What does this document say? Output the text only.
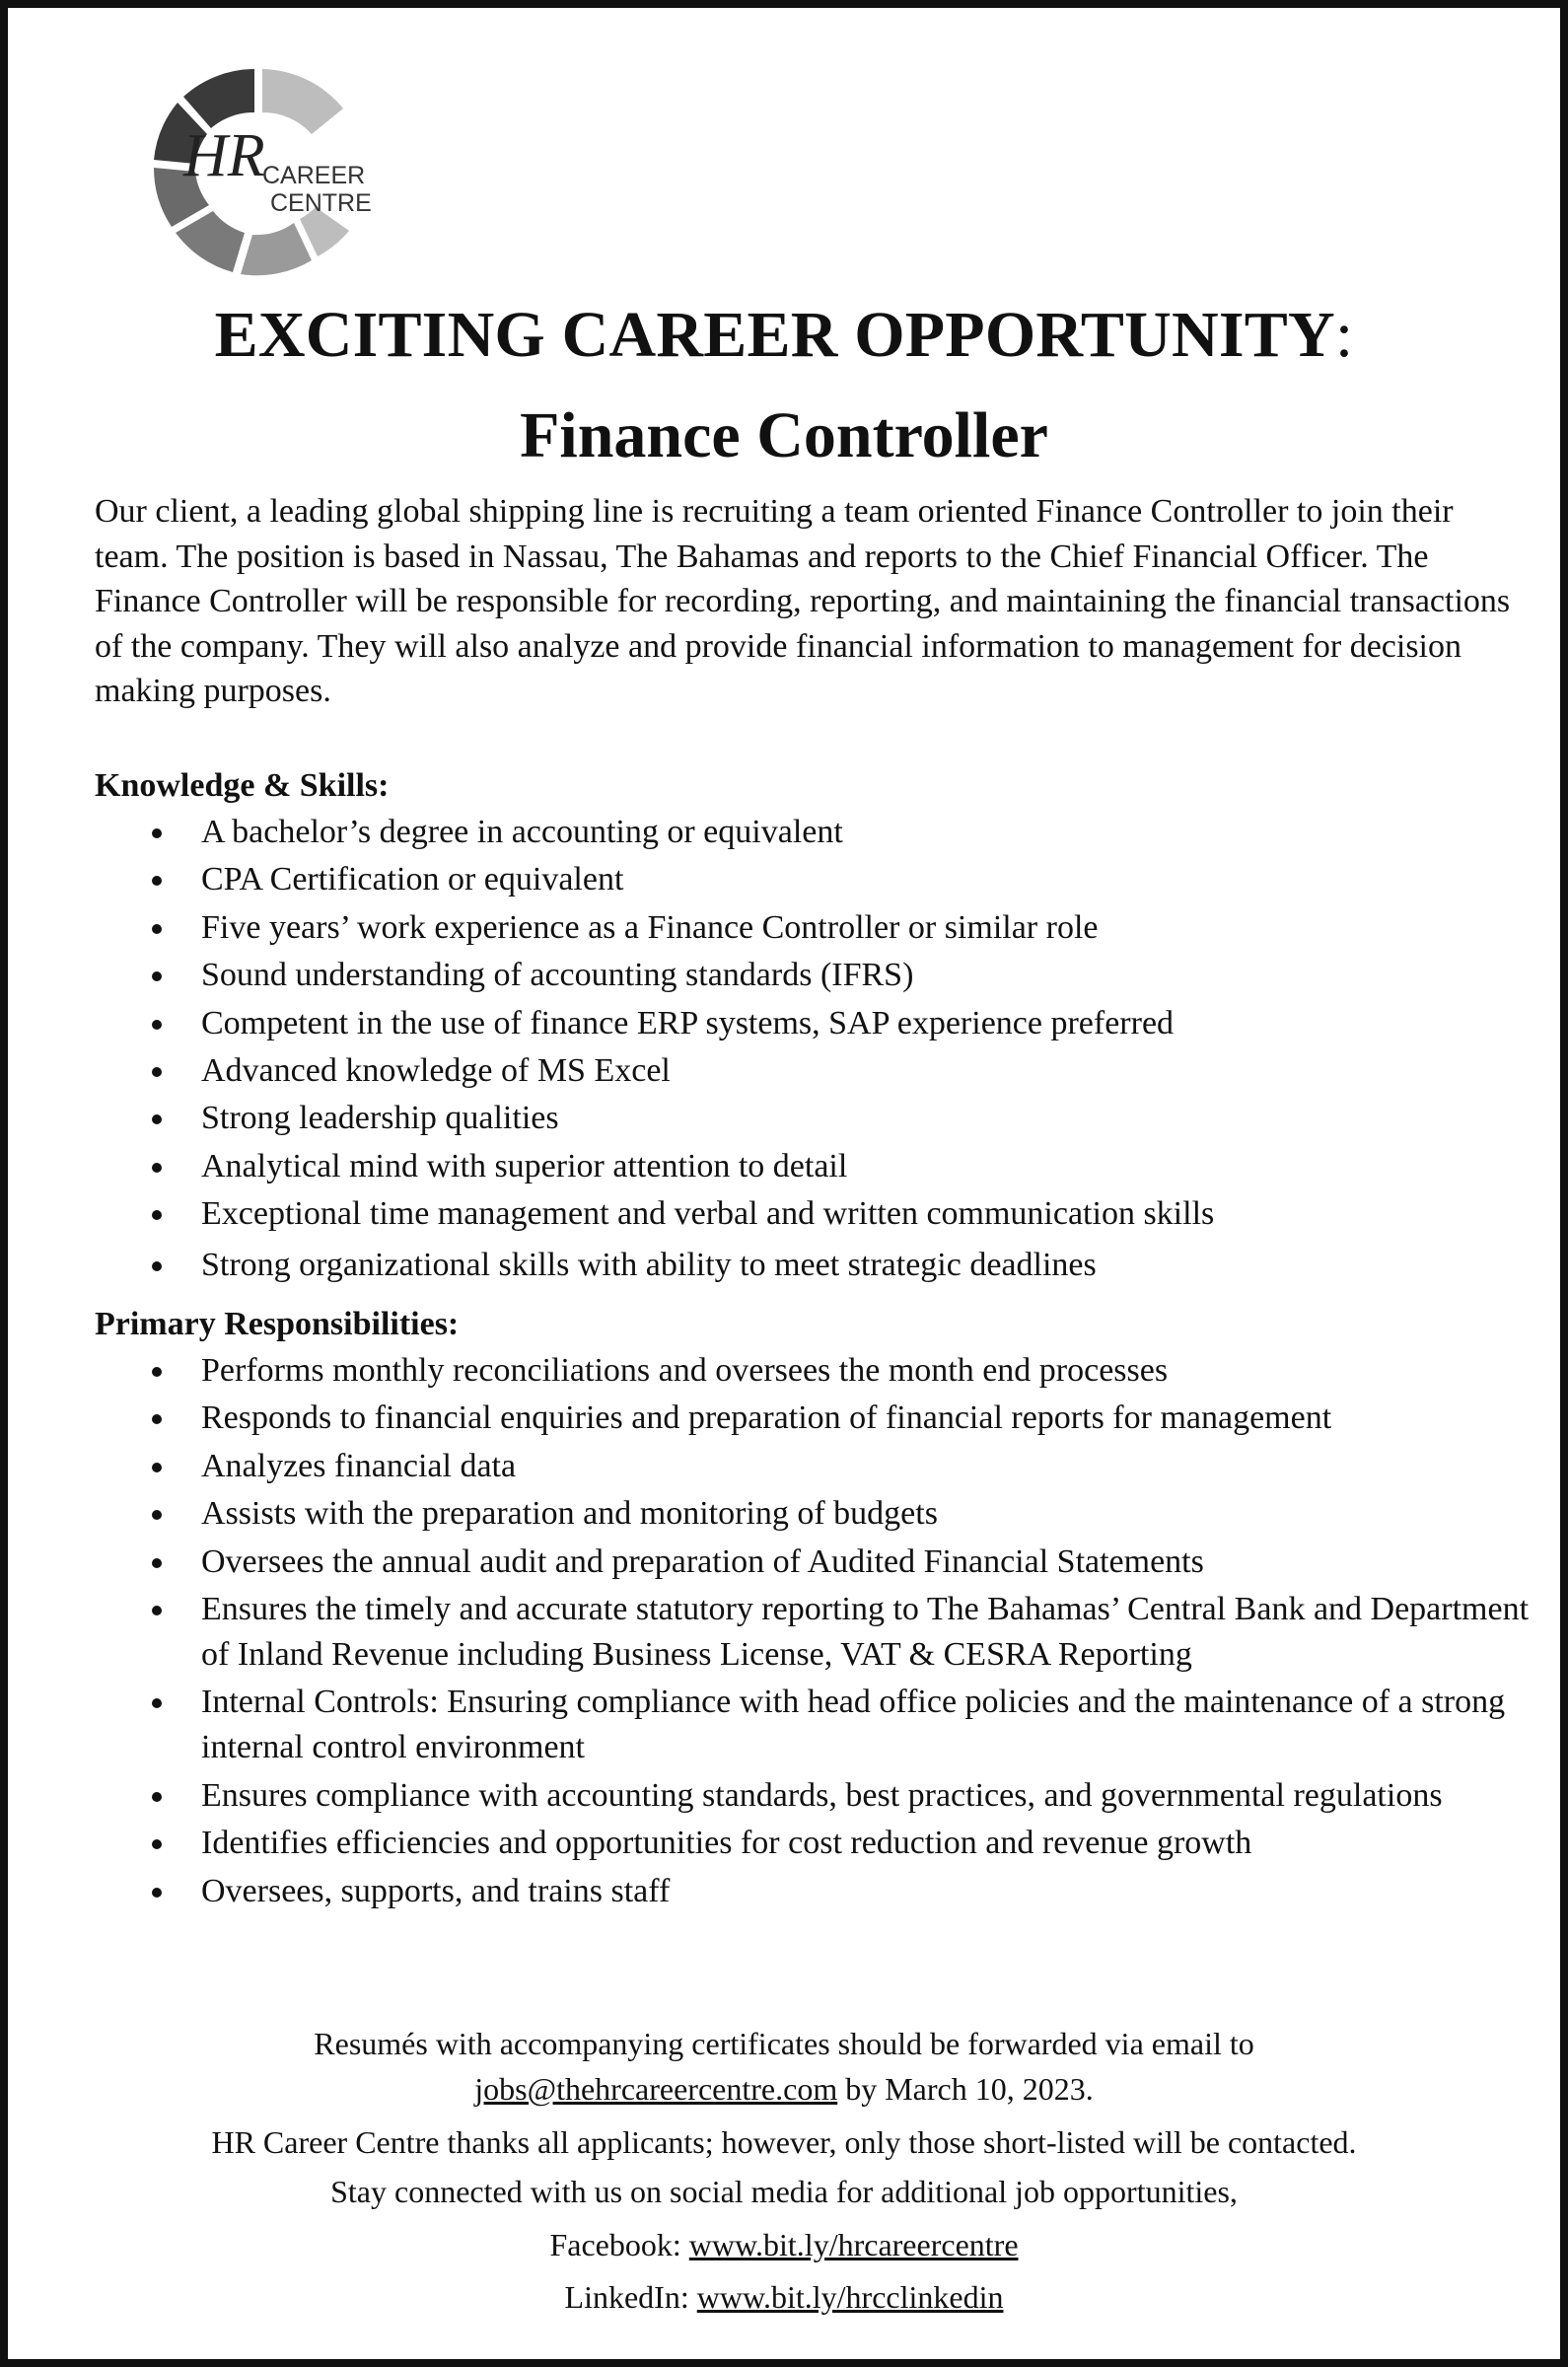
HR
CAREER
CENTRE
EXCITING CAREER OPPORTUNITY:
Finance Controller

Our client, a leading global shipping line is recruiting a team oriented Finance Controller to join their team. The position is based in Nassau, The Bahamas and reports to the Chief Financial Officer. The Finance Controller will be responsible for recording, reporting, and maintaining the financial transactions of the company. They will also analyze and provide financial information to management for decision making purposes.

Knowledge & Skills:
A bachelor’s degree in accounting or equivalent
CPA Certification or equivalent
Five years’ work experience as a Finance Controller or similar role
Sound understanding of accounting standards (IFRS)
Competent in the use of finance ERP systems, SAP experience preferred
Advanced knowledge of MS Excel
Strong leadership qualities
Analytical mind with superior attention to detail
Exceptional time management and verbal and written communication skills
Strong organizational skills with ability to meet strategic deadlines
Primary Responsibilities:
Performs monthly reconciliations and oversees the month end processes
Responds to financial enquiries and preparation of financial reports for management
Analyzes financial data
Assists with the preparation and monitoring of budgets
Oversees the annual audit and preparation of Audited Financial Statements
Ensures the timely and accurate statutory reporting to The Bahamas’ Central Bank and Department of Inland Revenue including Business License, VAT & CESRA Reporting
Internal Controls: Ensuring compliance with head office policies and the maintenance of a strong internal control environment
Ensures compliance with accounting standards, best practices, and governmental regulations
Identifies efficiencies and opportunities for cost reduction and revenue growth
Oversees, supports, and trains staff
Resumés with accompanying certificates should be forwarded via email to
jobs@thehrcareercentre.com by March 10, 2023.
HR Career Centre thanks all applicants; however, only those short-listed will be contacted.
Stay connected with us on social media for additional job opportunities,
Facebook: www.bit.ly/hrcareercentre
LinkedIn: www.bit.ly/hrcclinkedin
